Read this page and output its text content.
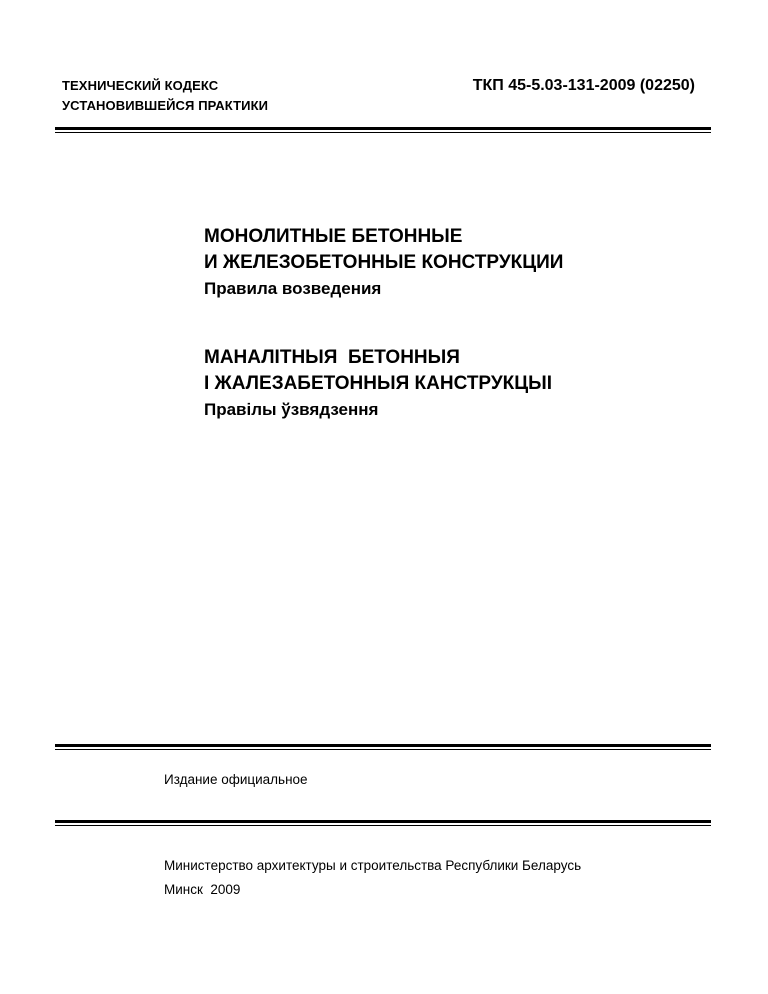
ТЕХНИЧЕСКИЙ КОДЕКС
УСТАНОВИВШЕЙСЯ ПРАКТИКИ
ТКП 45-5.03-131-2009 (02250)
МОНОЛИТНЫЕ БЕТОННЫЕ
И ЖЕЛЕЗОБЕТОННЫЕ КОНСТРУКЦИИ
Правила возведения
МАНАЛІТНЫЯ  БЕТОННЫЯ
І ЖАЛЕЗАБЕТОННЫЯ КАНСТРУКЦЫІ
Правілы ўзвядзення
Издание официальное
Министерство архитектуры и строительства Республики Беларусь
Минск  2009
